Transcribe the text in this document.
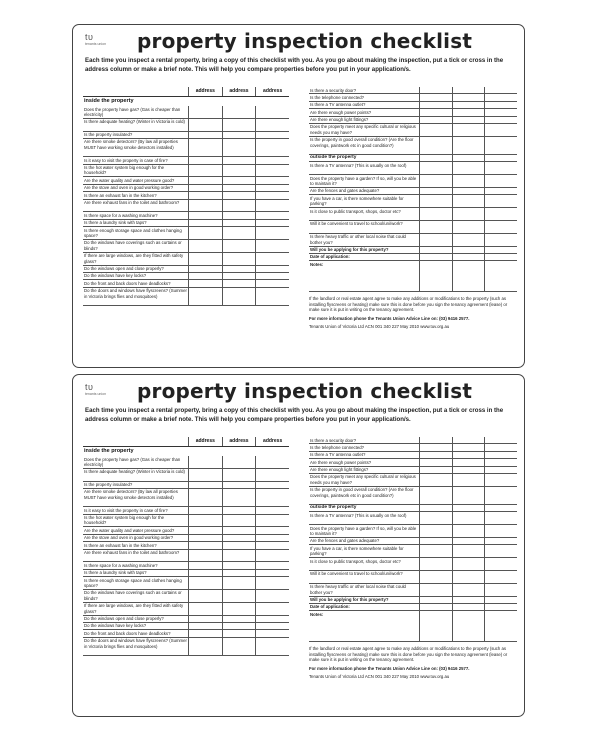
tυ
tenants union property inspection checklist
Each time you inspect a rental property, bring a copy of this checklist with you. As you go about making the inspection, put a tick or cross in the address column or make a brief note. This will help you compare properties before you put in your application/s.
address	address	address
inside the property
Does the property have gas? (Gas is cheaper than electricity)
Is there adequate heating? (Winter in Victoria is cold)
Is the property insulated?
Are there smoke detectors? (By law all properties MUST have working smoke detectors installed)
Is it easy to visit the property in case of fire?
Is the hot water system big enough for the household?
Are the water quality and water pressure good?
Are the stove and oven in good working order?
Is there an exhaust fan in the kitchen?
Are there exhaust fans in the toilet and bathroom?
Is there space for a washing machine?
Is there a laundry sink with taps?
Is there enough storage space and clothes hanging space?
Do the windows have coverings such as curtains or blinds?
If there are large windows, are they fitted with safety glass?
Do the windows open and close properly?
Do the windows have key locks?
Do the front and back doors have deadlocks?
Do the doors and windows have flyscreens? (Summer in Victoria brings flies and mosquitoes)
Is there a security door?
Is the telephone connected?
Is there a TV antenna outlet?
Are there enough power points?
Are there enough light fittings?
Does the property meet any specific cultural or religious needs you may have?
Is the property in good overall condition? (Are the floor coverings, paintwork etc in good condition?)
outside the property
Is there a TV antenna? (This is usually on the roof)
Does the property have a garden? If so, will you be able to maintain it?
Are the fences and gates adequate?
If you have a car, is there somewhere suitable for parking?
Is it close to public transport, shops, doctor etc?
Will it be convenient to travel to school/uni/work?
Is there heavy traffic or other local noise that could bother you?
Will you be applying for this property?
Date of application:
Notes:

If the landlord or real estate agent agree to make any additions or modifications to the property (such as installing flyscreens or heating) make sure this is done before you sign the tenancy agreement (lease) or make sure it is put in writing on the tenancy agreement.

For more information phone the Tenants Union Advice Line on: (03) 9416 2577.

Tenants Union of Victoria Ltd ACN 001 340 227 May 2010 www.tuv.org.au

tυ
tenants union property inspection checklist
Each time you inspect a rental property, bring a copy of this checklist with you. As you go about making the inspection, put a tick or cross in the address column or make a brief note. This will help you compare properties before you put in your application/s.
address	address	address
inside the property
Does the property have gas? (Gas is cheaper than electricity)
Is there adequate heating? (Winter in Victoria is cold)
Is the property insulated?
Are there smoke detectors? (By law all properties MUST have working smoke detectors installed)
Is it easy to visit the property in case of fire?
Is the hot water system big enough for the household?
Are the water quality and water pressure good?
Are the stove and oven in good working order?
Is there an exhaust fan in the kitchen?
Are there exhaust fans in the toilet and bathroom?
Is there space for a washing machine?
Is there a laundry sink with taps?
Is there enough storage space and clothes hanging space?
Do the windows have coverings such as curtains or blinds?
If there are large windows, are they fitted with safety glass?
Do the windows open and close properly?
Do the windows have key locks?
Do the front and back doors have deadlocks?
Do the doors and windows have flyscreens? (Summer in Victoria brings flies and mosquitoes)
Is there a security door?
Is the telephone connected?
Is there a TV antenna outlet?
Are there enough power points?
Are there enough light fittings?
Does the property meet any specific cultural or religious needs you may have?
Is the property in good overall condition? (Are the floor coverings, paintwork etc in good condition?)
outside the property
Is there a TV antenna? (This is usually on the roof)
Does the property have a garden? If so, will you be able to maintain it?
Are the fences and gates adequate?
If you have a car, is there somewhere suitable for parking?
Is it close to public transport, shops, doctor etc?
Will it be convenient to travel to school/uni/work?
Is there heavy traffic or other local noise that could bother you?
Will you be applying for this property?
Date of application:
Notes:

If the landlord or real estate agent agree to make any additions or modifications to the property (such as installing flyscreens or heating) make sure this is done before you sign the tenancy agreement (lease) or make sure it is put in writing on the tenancy agreement.

For more information phone the Tenants Union Advice Line on: (03) 9416 2577.

Tenants Union of Victoria Ltd ACN 001 340 227 May 2010 www.tuv.org.au
